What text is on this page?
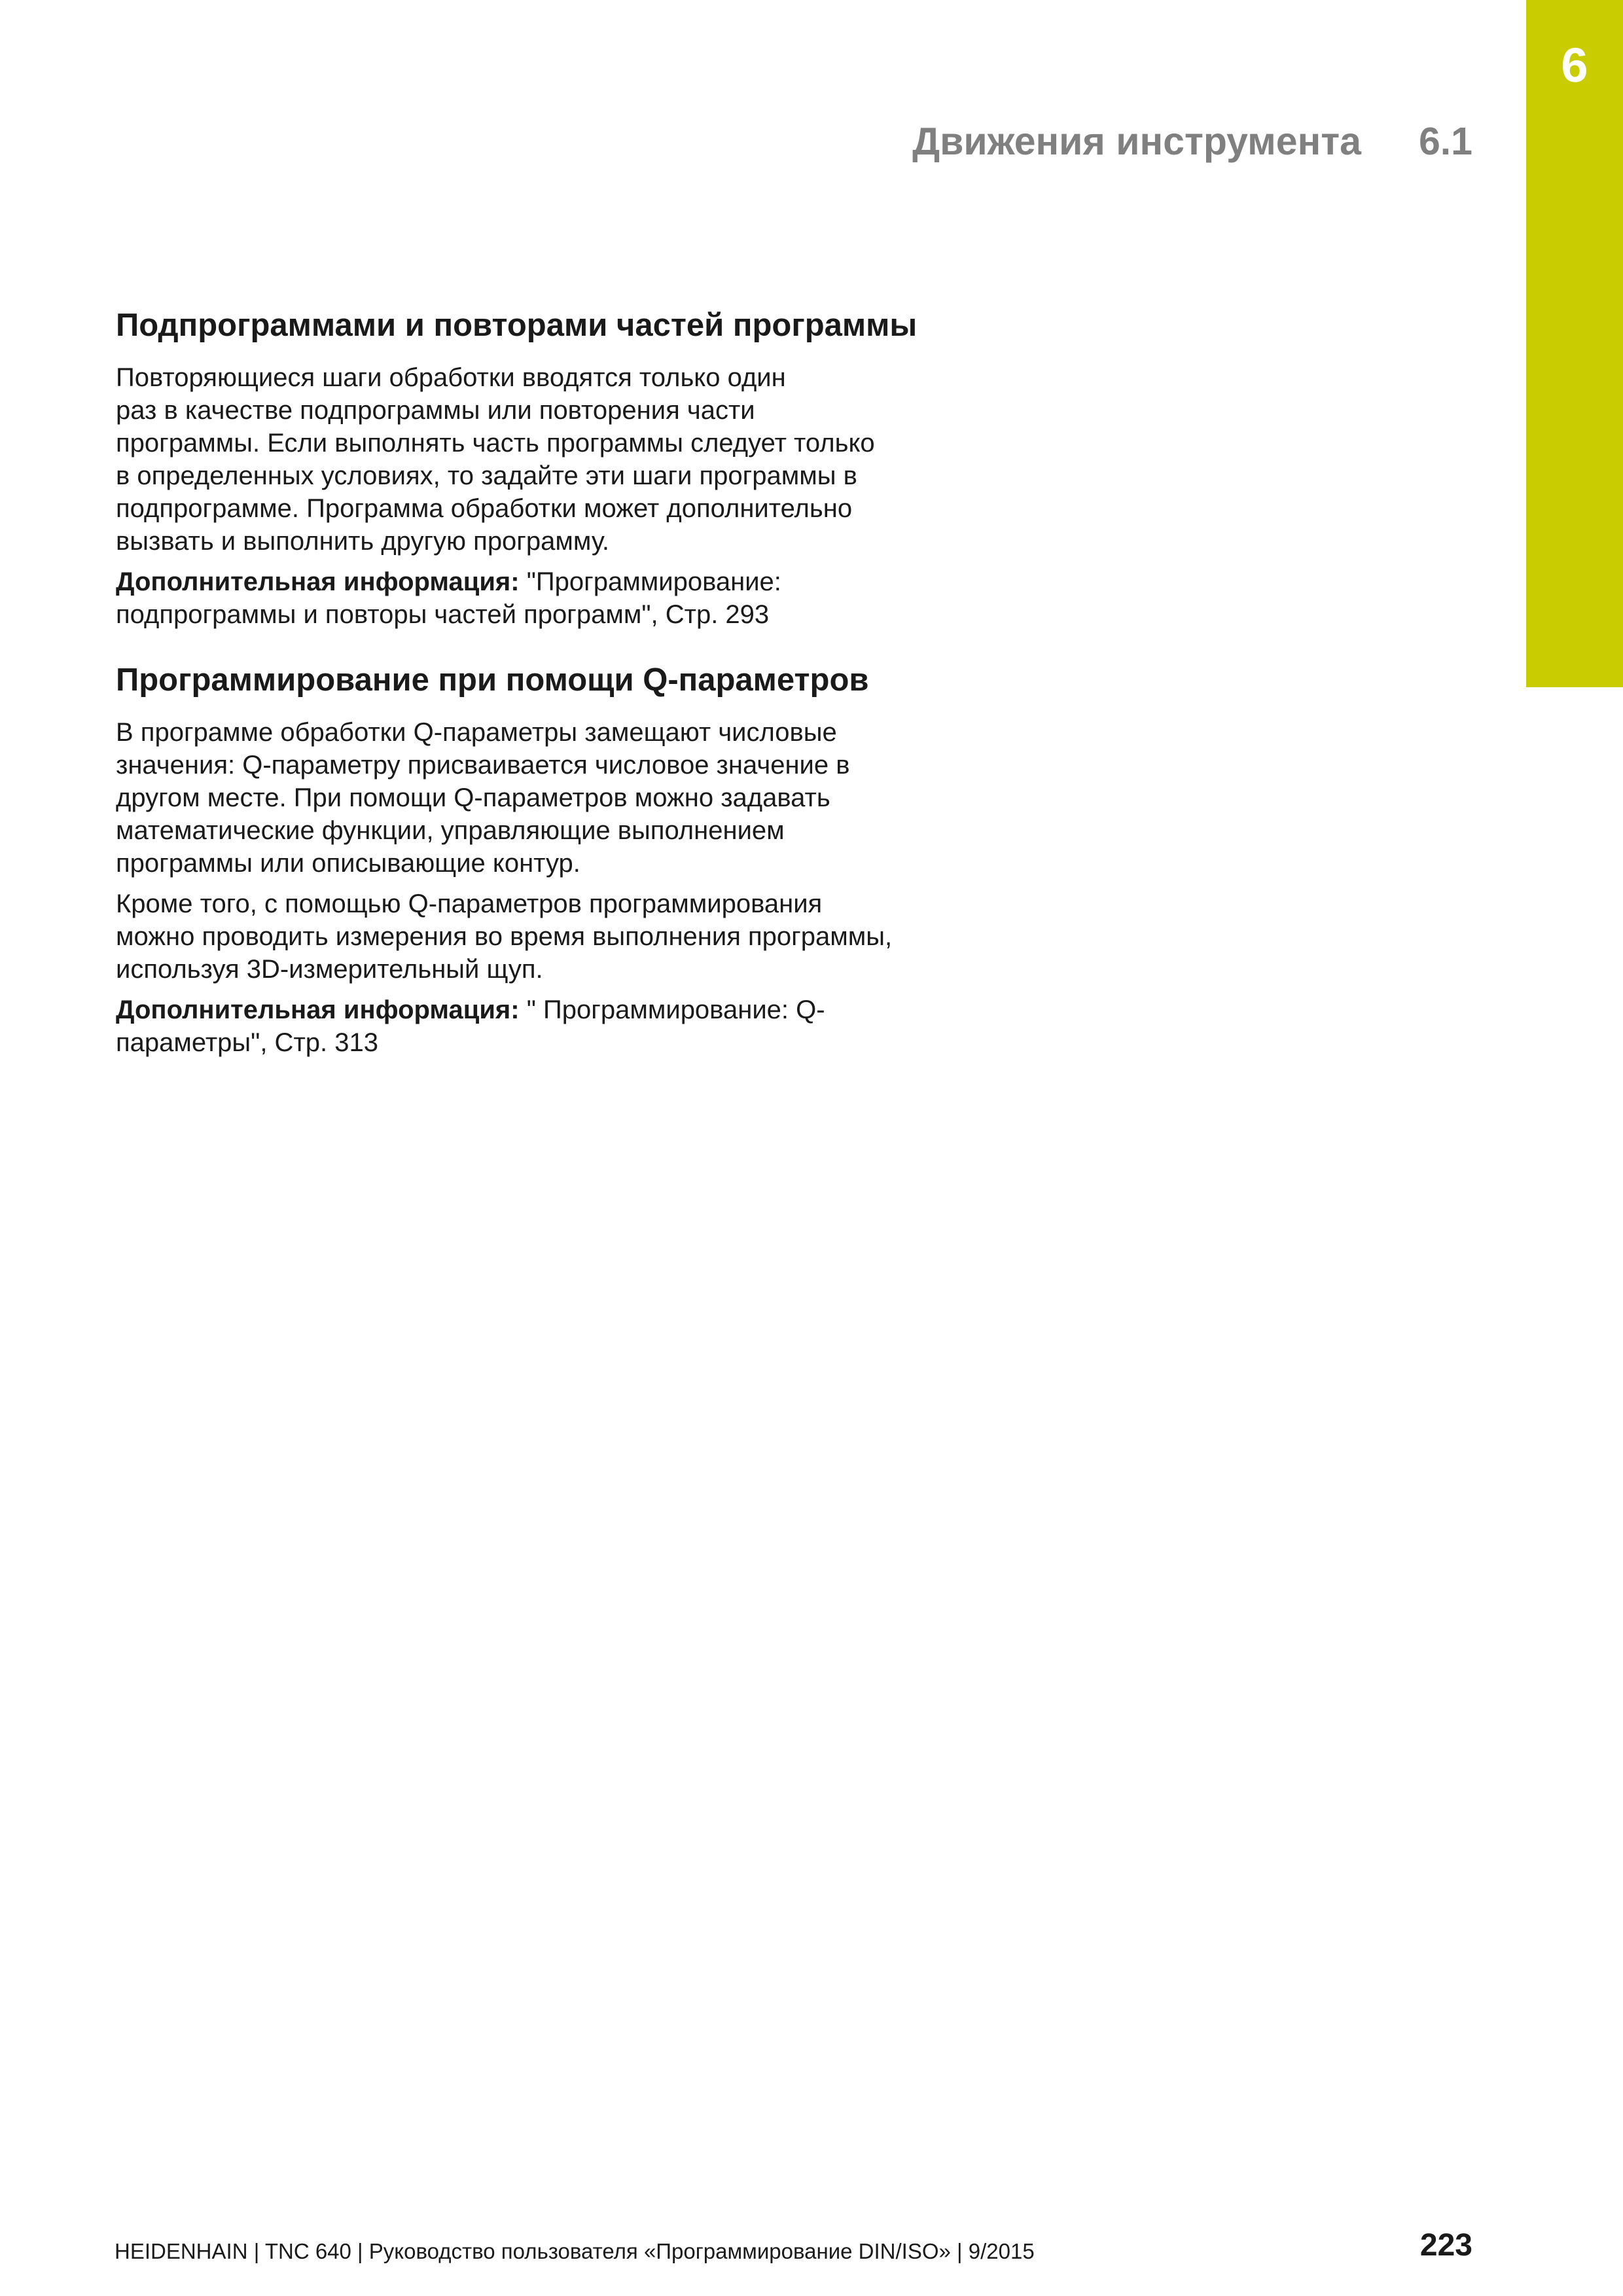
6
Движения инструмента 6.1
Подпрограммами и повторами частей программы

Повторяющиеся шаги обработки вводятся только один
раз в качестве подпрограммы или повторения части
программы. Если выполнять часть программы следует только
в определенных условиях, то задайте эти шаги программы в
подпрограмме. Программа обработки может дополнительно
вызвать и выполнить другую программу.

Дополнительная информация: "Программирование:
подпрограммы и повторы частей программ", Стр. 293

Программирование при помощи Q-параметров

В программе обработки Q-параметры замещают числовые
значения: Q-параметру присваивается числовое значение в
другом месте. При помощи Q-параметров можно задавать
математические функции, управляющие выполнением
программы или описывающие контур.

Кроме того, с помощью Q-параметров программирования
можно проводить измерения во время выполнения программы,
используя 3D-измерительный щуп.

Дополнительная информация: " Программирование: Q-
параметры", Стр. 313

HEIDENHAIN | TNC 640 | Руководство пользователя «Программирование DIN/ISO» | 9/2015	223
